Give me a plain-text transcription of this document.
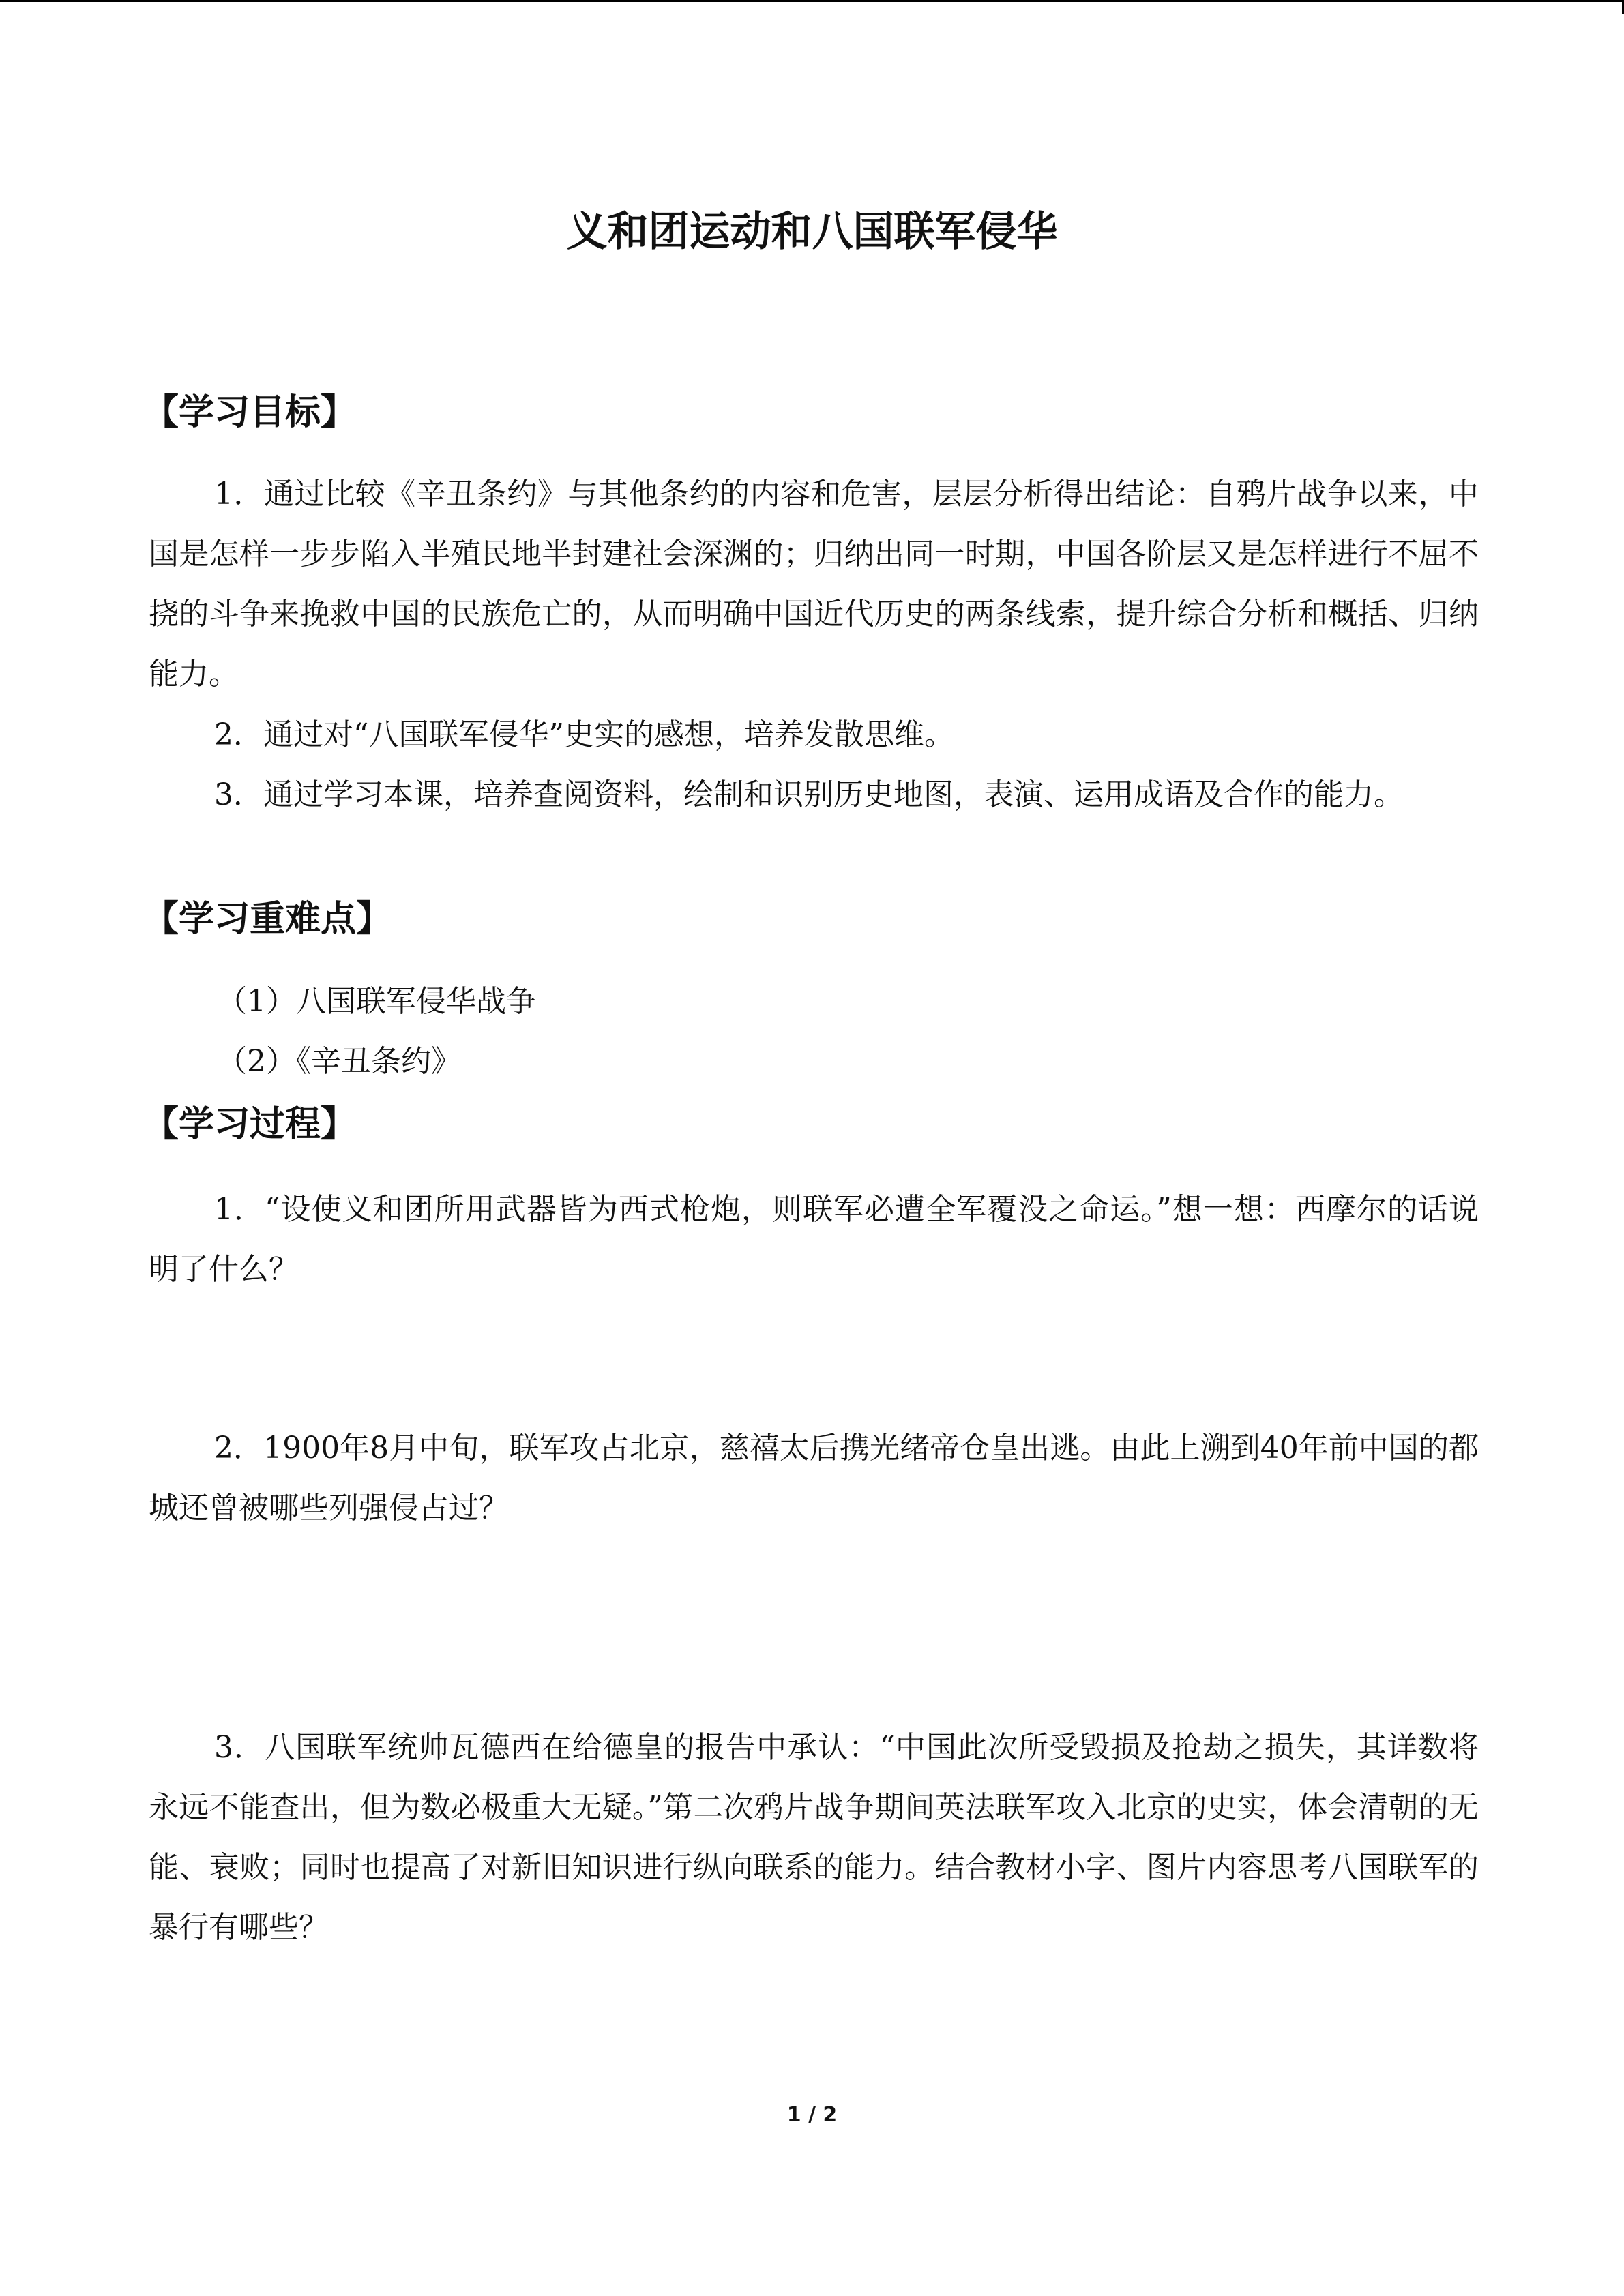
义和团运动和八国联军侵华
【学习目标】

1．通过比较《辛丑条约》与其他条约的内容和危害，层层分析得出结论：自鸦片战争以来，中国是怎样一步步陷入半殖民地半封建社会深渊的；归纳出同一时期，中国各阶层又是怎样进行不屈不挠的斗争来挽救中国的民族危亡的，从而明确中国近代历史的两条线索，提升综合分析和概括、归纳能力。

2．通过对“八国联军侵华”史实的感想，培养发散思维。

3．通过学习本课，培养查阅资料，绘制和识别历史地图，表演、运用成语及合作的能力。

【学习重难点】
（1）八国联军侵华战争
（2）《辛丑条约》
【学习过程】

1．“设使义和团所用武器皆为西式枪炮，则联军必遭全军覆没之命运。”想一想：西摩尔的话说明了什么？

2．1900年8月中旬，联军攻占北京，慈禧太后携光绪帝仓皇出逃。由此上溯到40年前中国的都城还曾被哪些列强侵占过？

3．八国联军统帅瓦德西在给德皇的报告中承认：“中国此次所受毁损及抢劫之损失，其详数将永远不能查出，但为数必极重大无疑。”第二次鸦片战争期间英法联军攻入北京的史实，体会清朝的无能、衰败；同时也提高了对新旧知识进行纵向联系的能力。结合教材小字、图片内容思考八国联军的暴行有哪些？

1 / 2
